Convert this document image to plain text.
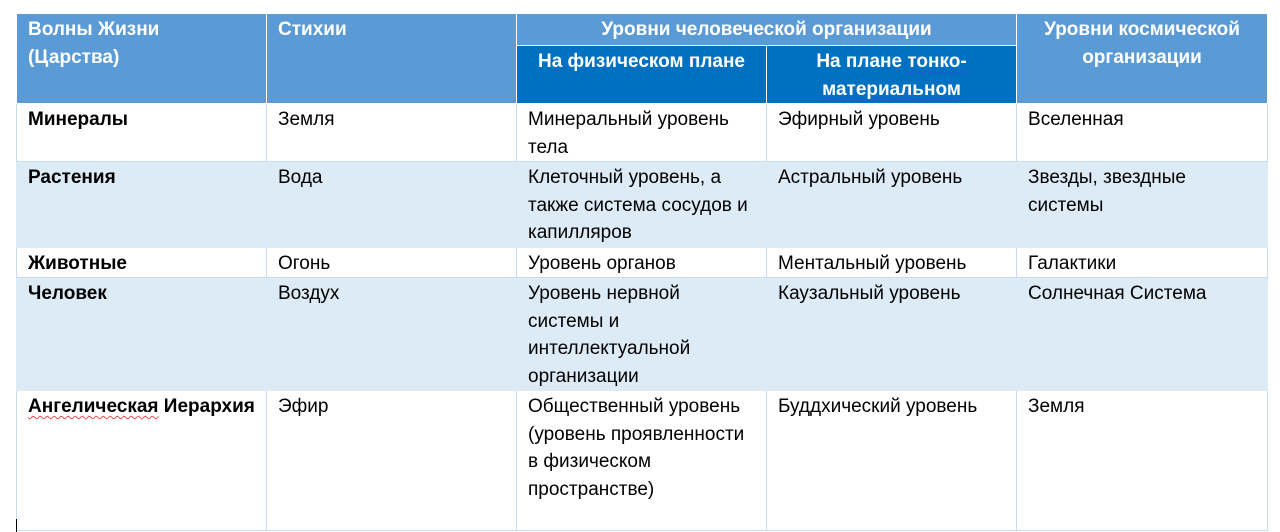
Волны Жизни (Царства)	Стихии	Уровни человеческой организации		Уровни космической организации
		На физическом плане	На плане тонко-материальном	
Минералы	Земля	Минеральный уровень тела	Эфирный уровень	Вселенная
Растения	Вода	Клеточный уровень, а также система сосудов и капилляров	Астральный уровень	Звезды, звездные системы
Животные	Огонь	Уровень органов	Ментальный уровень	Галактики
Человек	Воздух	Уровень нервной системы и интеллектуальной организации	Каузальный уровень	Солнечная Система
Ангелическая Иерархия	Эфир	Общественный уровень (уровень проявленности в физическом пространстве)	Буддхический уровень	Земля
